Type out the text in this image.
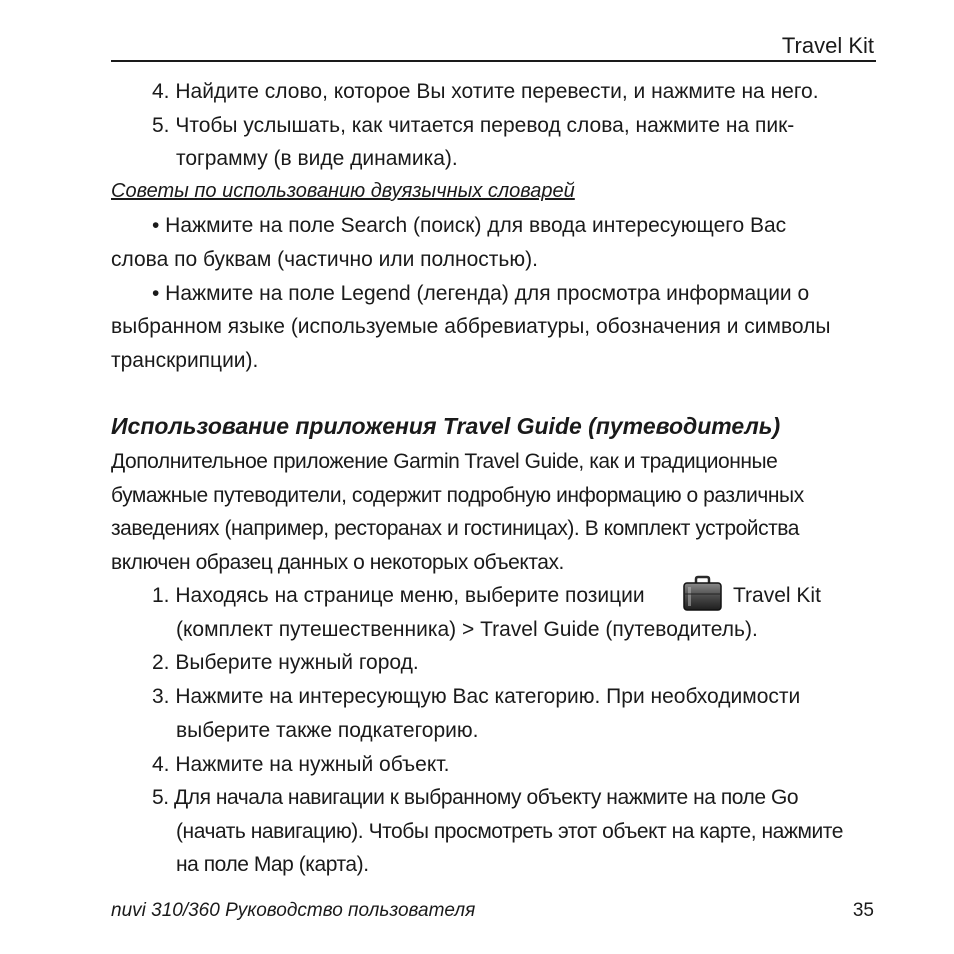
Travel Kit
4. Найдите слово, которое Вы хотите перевести, и нажмите на него.
5. Чтобы услышать, как читается перевод слова, нажмите на пик-
тограмму (в виде динамика).
Советы по использованию двуязычных словарей
• Нажмите на поле Search (поиск) для ввода интересующего Вас
слова по буквам (частично или полностью).
• Нажмите на поле Legend (легенда) для просмотра информации о
выбранном языке (используемые аббревиатуры, обозначения и символы
транскрипции).
Использование приложения Travel Guide (путеводитель)
Дополнительное приложение Garmin Travel Guide, как и традиционные
бумажные путеводители, содержит подробную информацию о различных
заведениях (например, ресторанах и гостиницах). В комплект устройства
включен образец данных о некоторых объектах.
1. Находясь на странице меню, выберите позиции	Travel Kit
(комплект путешественника) > Travel Guide (путеводитель).
2. Выберите нужный город.
3. Нажмите на интересующую Вас категорию. При необходимости
выберите также подкатегорию.
4. Нажмите на нужный объект.
5. Для начала навигации к выбранному объекту нажмите на поле Go
(начать навигацию). Чтобы просмотреть этот объект на карте, нажмите
на поле Map (карта).
nuvi 310/360 Руководство пользователя	35
